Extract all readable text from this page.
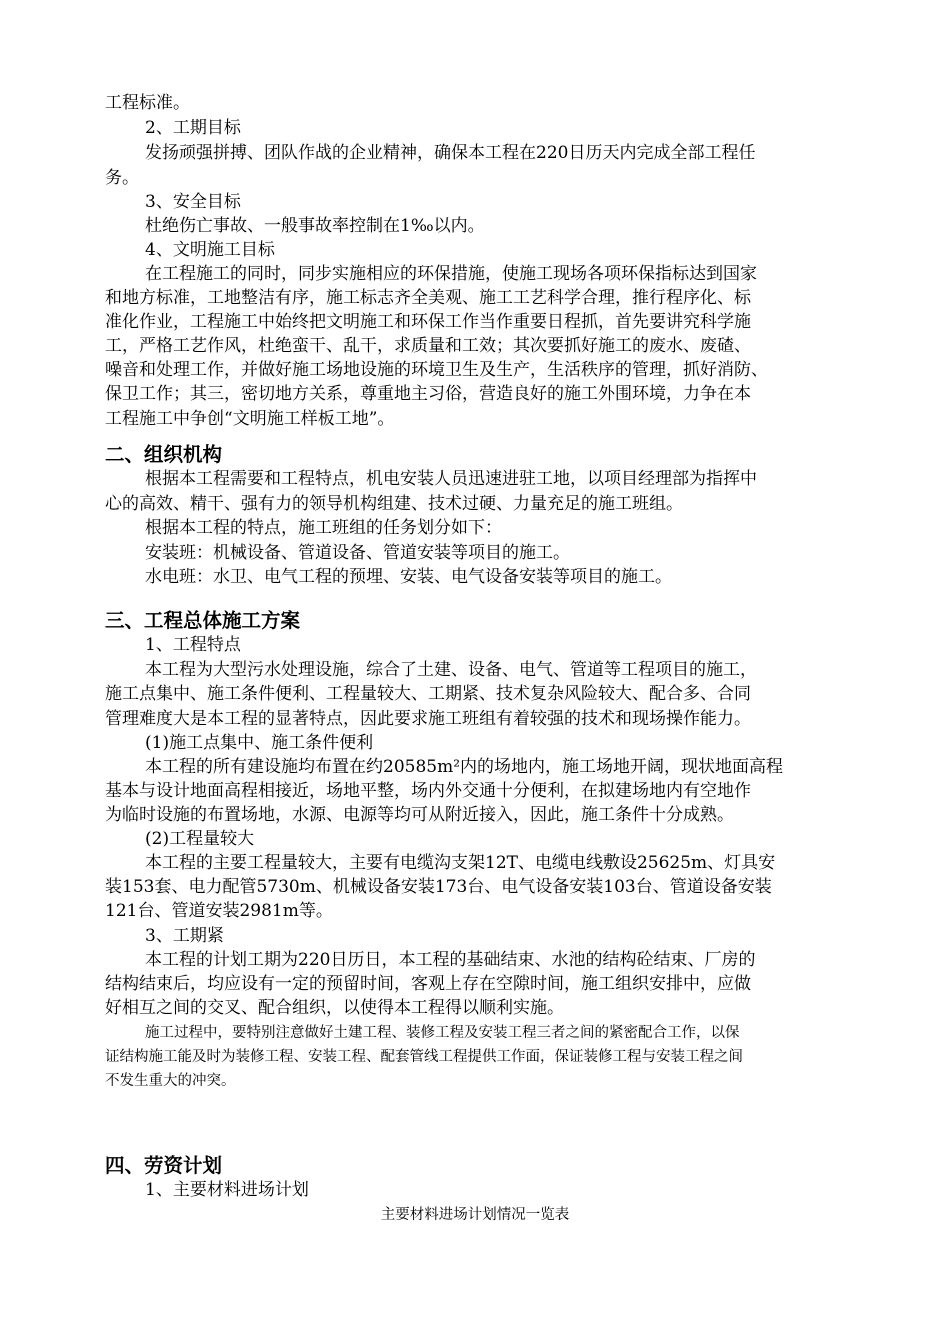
工程标准。
2、工期目标
发扬顽强拼搏、团队作战的企业精神，确保本工程在220日历天内完成全部工程任
务。
3、安全目标
杜绝伤亡事故、一般事故率控制在1‰以内。
4、文明施工目标
在工程施工的同时，同步实施相应的环保措施，使施工现场各项环保指标达到国家
和地方标准，工地整洁有序，施工标志齐全美观、施工工艺科学合理，推行程序化、标
准化作业，工程施工中始终把文明施工和环保工作当作重要日程抓，首先要讲究科学施
工，严格工艺作风，杜绝蛮干、乱干，求质量和工效；其次要抓好施工的废水、废碴、
噪音和处理工作，并做好施工场地设施的环境卫生及生产，生活秩序的管理，抓好消防、
保卫工作；其三，密切地方关系，尊重地主习俗，营造良好的施工外围环境，力争在本
工程施工中争创“文明施工样板工地”。
二、组织机构
根据本工程需要和工程特点，机电安装人员迅速进驻工地，以项目经理部为指挥中
心的高效、精干、强有力的领导机构组建、技术过硬、力量充足的施工班组。
根据本工程的特点，施工班组的任务划分如下：
安装班：机械设备、管道设备、管道安装等项目的施工。
水电班：水卫、电气工程的预埋、安装、电气设备安装等项目的施工。
三、工程总体施工方案
1、工程特点
本工程为大型污水处理设施，综合了土建、设备、电气、管道等工程项目的施工，
施工点集中、施工条件便利、工程量较大、工期紧、技术复杂风险较大、配合多、合同
管理难度大是本工程的显著特点，因此要求施工班组有着较强的技术和现场操作能力。
(1)施工点集中、施工条件便利
本工程的所有建设施均布置在约20585m²内的场地内，施工场地开阔，现状地面高程
基本与设计地面高程相接近，场地平整，场内外交通十分便利，在拟建场地内有空地作
为临时设施的布置场地，水源、电源等均可从附近接入，因此，施工条件十分成熟。
(2)工程量较大
本工程的主要工程量较大，主要有电缆沟支架12T、电缆电线敷设25625m、灯具安
装153套、电力配管5730m、机械设备安装173台、电气设备安装103台、管道设备安装
121台、管道安装2981m等。
3、工期紧
本工程的计划工期为220日历日，本工程的基础结束、水池的结构砼结束、厂房的
结构结束后，均应设有一定的预留时间，客观上存在空隙时间，施工组织安排中，应做
好相互之间的交叉、配合组织，以使得本工程得以顺利实施。
施工过程中，要特别注意做好土建工程、装修工程及安装工程三者之间的紧密配合工作，以保
证结构施工能及时为装修工程、安装工程、配套管线工程提供工作面，保证装修工程与安装工程之间
不发生重大的冲突。
四、劳资计划
1、主要材料进场计划
主要材料进场计划情况一览表
